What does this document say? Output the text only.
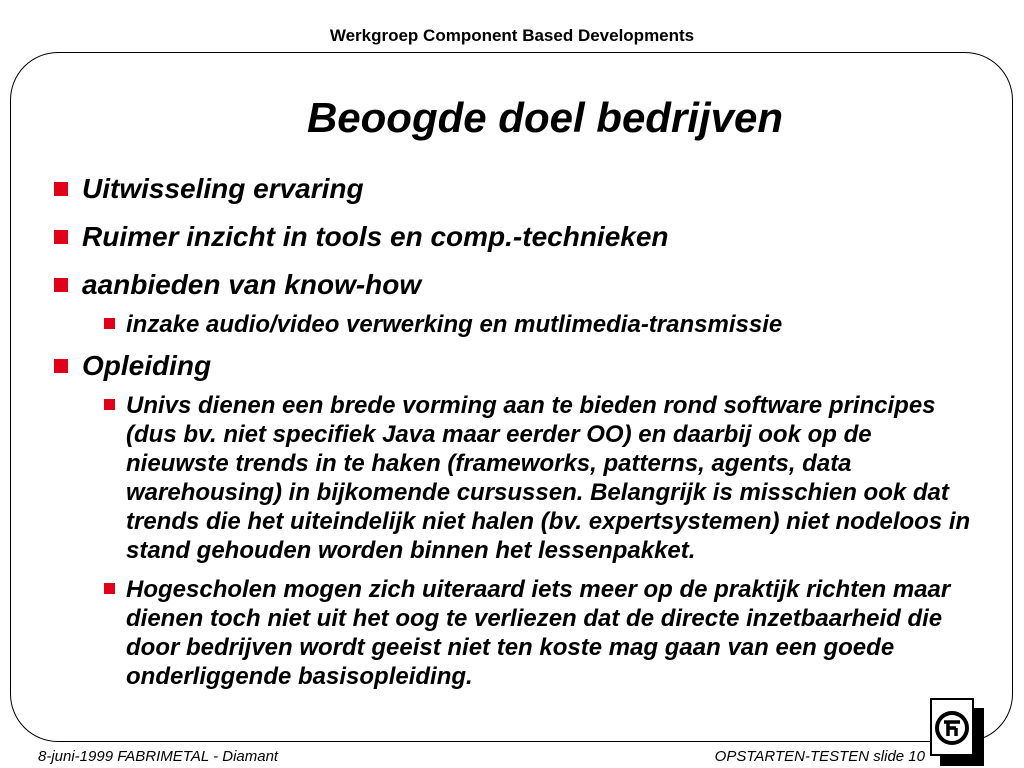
Werkgroep Component Based Developments
Beoogde doel bedrijven
Uitwisseling ervaring
Ruimer inzicht in tools en comp.-technieken
aanbieden van know-how
inzake audio/video verwerking en mutlimedia-transmissie
Opleiding
Univs dienen een brede vorming aan te bieden rond software principes (dus bv. niet specifiek Java maar eerder OO) en daarbij ook op de nieuwste trends in te haken (frameworks, patterns, agents, data warehousing) in bijkomende cursussen. Belangrijk is misschien ook dat trends die het uiteindelijk niet halen (bv. expertsystemen) niet nodeloos in stand gehouden worden binnen het lessenpakket.
Hogescholen mogen zich uiteraard iets meer op de praktijk richten maar dienen toch niet uit het oog te verliezen dat de directe inzetbaarheid die door bedrijven wordt geeist niet ten koste mag gaan van een goede onderliggende basisopleiding.
8-juni-1999 FABRIMETAL - Diamant	OPSTARTEN-TESTEN slide 10
